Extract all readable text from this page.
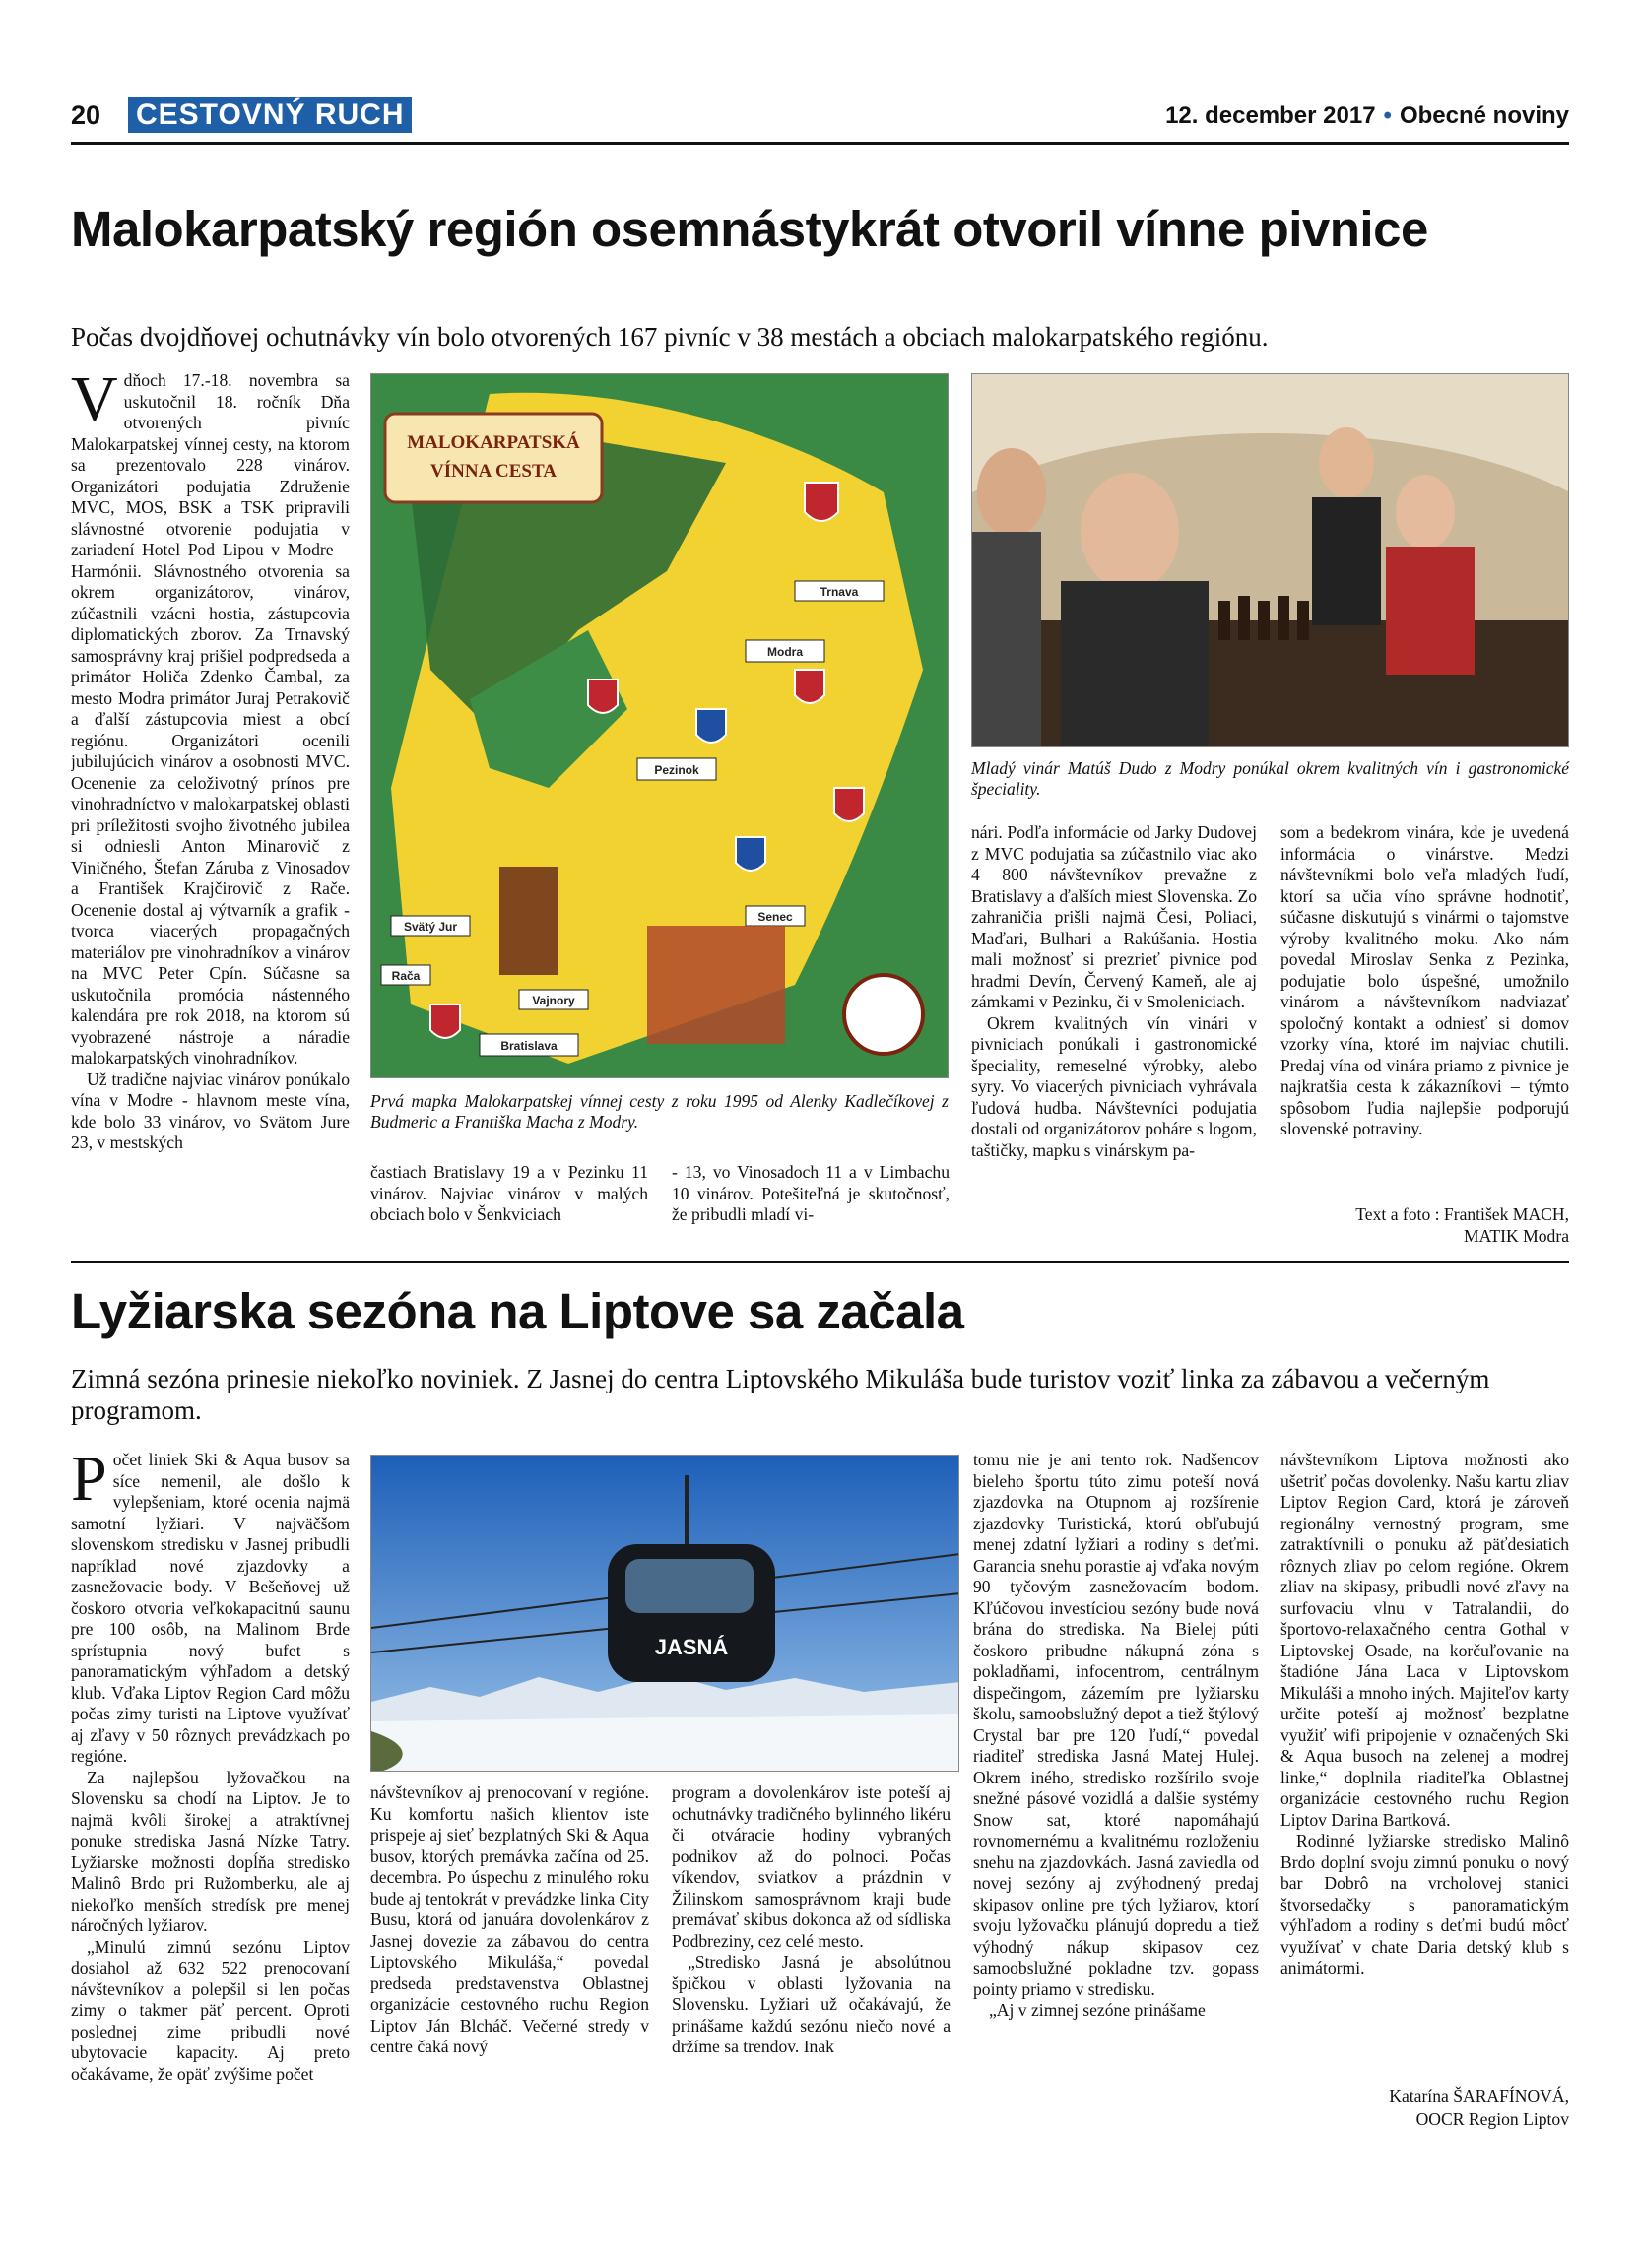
20 CESTOVNÝ RUCH	12. december 2017 • Obecné noviny
Malokarpatský región osemnástykrát otvoril vínne pivnice
Počas dvojdňovej ochutnávky vín bolo otvorených 167 pivníc v 38 mestách a obciach malokarpatského regiónu.
V dňoch 17.-18. novembra sa uskutočnil 18. ročník Dňa otvorených pivníc Malokarpatskej vínnej cesty, na ktorom sa prezentovalo 228 vinárov. Organizátori podujatia Združenie MVC, MOS, BSK a TSK pripravili slávnostné otvorenie podujatia v zariadení Hotel Pod Lipou v Modre – Harmónii. Slávnostného otvorenia sa okrem organizátorov, vinárov, zúčastnili vzácni hostia, zástupcovia diplomatických zborov. Za Trnavský samosprávny kraj prišiel podpredseda a primátor Holiča Zdenko Čambal, za mesto Modra primátor Juraj Petrakovič a ďalší zástupcovia miest a obcí regiónu. Organizátori ocenili jubilujúcich vinárov a osobnosti MVC. Ocenenie za celoživotný prínos pre vinohradníctvo v malokarpatskej oblasti pri príležitosti svojho životného jubilea si odniesli Anton Minarovič z Viničného, Štefan Záruba z Vinosadov a František Krajčirovič z Rače. Ocenenie dostal aj výtvarník a grafik - tvorca viacerých propagačných materiálov pre vinohradníkov a vinárov na MVC Peter Cpín. Súčasne sa uskutočnila promócia nástenného kalendára pre rok 2018, na ktorom sú vyobrazené nástroje a náradie malokarpatských vinohradníkov.

Už tradične najviac vinárov ponúkalo vína v Modre - hlavnom meste vína, kde bolo 33 vinárov, vo Svätom Jure 23, v mestských

MALOKARPATSKÁ
VÍNNA CESTA
Trnava
Modra
Pezinok
Svätý Jur
Rača
Vajnory
Bratislava
Senec
Prvá mapka Malokarpatskej vínnej cesty z roku 1995 od Alenky Kadlečíkovej z Budmeric a Františka Macha z Modry.
Mladý vinár Matúš Dudo z Modry ponúkal okrem kvalitných vín i gastronomické špeciality.

častiach Bratislavy 19 a v Pezinku 11 vinárov. Najviac vinárov v malých obciach bolo v Šenkviciach

- 13, vo Vinosadoch 11 a v Limbachu 10 vinárov. Potešiteľná je skutočnosť, že pribudli mladí vi-

nári. Podľa informácie od Jarky Dudovej z MVC podujatia sa zúčastnilo viac ako 4 800 návštevníkov prevažne z Bratislavy a ďalších miest Slovenska. Zo zahraničia prišli najmä Česi, Poliaci, Maďari, Bulhari a Rakúšania. Hostia mali možnosť si prezrieť pivnice pod hradmi Devín, Červený Kameň, ale aj zámkami v Pezinku, či v Smoleniciach.

Okrem kvalitných vín vinári v pivniciach ponúkali i gastronomické špeciality, remeselné výrobky, alebo syry. Vo viacerých pivniciach vyhrávala ľudová hudba. Návštevníci podujatia dostali od organizátorov poháre s logom, taštičky, mapku s vinárskym pa-

som a bedekrom vinára, kde je uvedená informácia o vinárstve. Medzi návštevníkmi bolo veľa mladých ľudí, ktorí sa učia víno správne hodnotiť, súčasne diskutujú s vinármi o tajomstve výroby kvalitného moku. Ako nám povedal Miroslav Senka z Pezinka, podujatie bolo úspešné, umožnilo vinárom a návštevníkom nadviazať spoločný kontakt a odniesť si domov vzorky vína, ktoré im najviac chutili. Predaj vína od vinára priamo z pivnice je najkratšia cesta k zákazníkovi – týmto spôsobom ľudia najlepšie podporujú slovenské potraviny.

Text a foto : František MACH,
MATIK Modra
Lyžiarska sezóna na Liptove sa začala
Zimná sezóna prinesie niekoľko noviniek. Z Jasnej do centra Liptovského Mikuláša bude turistov voziť linka za zábavou a večerným programom.
P očet liniek Ski & Aqua busov sa síce nemenil, ale došlo k vylepšeniam, ktoré ocenia najmä samotní lyžiari. V najväčšom slovenskom stredisku v Jasnej pribudli napríklad nové zjazdovky a zasnežovacie body. V Bešeňovej už čoskoro otvoria veľkokapacitnú saunu pre 100 osôb, na Malinom Brde sprístupnia nový bufet s panoramatickým výhľadom a detský klub. Vďaka Liptov Region Card môžu počas zimy turisti na Liptove využívať aj zľavy v 50 rôznych prevádzkach po regióne.

Za najlepšou lyžovačkou na Slovensku sa chodí na Liptov. Je to najmä kvôli širokej a atraktívnej ponuke strediska Jasná Nízke Tatry. Lyžiarske možnosti dopĺňa stredisko Malinô Brdo pri Ružomberku, ale aj niekoľko menších stredísk pre menej náročných lyžiarov.

„Minulú zimnú sezónu Liptov dosiahol až 632 522 prenocovaní návštevníkov a polepšil si len počas zimy o takmer päť percent. Oproti poslednej zime pribudli nové ubytovacie kapacity. Aj preto očakávame, že opäť zvýšime počet

JASNÁ

návštevníkov aj prenocovaní v regióne. Ku komfortu našich klientov iste prispeje aj sieť bezplatných Ski & Aqua busov, ktorých premávka začína od 25. decembra. Po úspechu z minulého roku bude aj tentokrát v prevádzke linka City Busu, ktorá od januára dovolenkárov z Jasnej dovezie za zábavou do centra Liptovského Mikuláša,“ povedal predseda predstavenstva Oblastnej organizácie cestovného ruchu Region Liptov Ján Blcháč. Večerné stredy v centre čaká nový

program a dovolenkárov iste poteší aj ochutnávky tradičného bylinného likéru či otváracie hodiny vybraných podnikov až do polnoci. Počas víkendov, sviatkov a prázdnin v Žilinskom samosprávnom kraji bude premávať skibus dokonca až od sídliska Podbreziny, cez celé mesto.

„Stredisko Jasná je absolútnou špičkou v oblasti lyžovania na Slovensku. Lyžiari už očakávajú, že prinášame každú sezónu niečo nové a držíme sa trendov. Inak

tomu nie je ani tento rok. Nadšencov bieleho športu túto zimu poteší nová zjazdovka na Otupnom aj rozšírenie zjazdovky Turistická, ktorú obľubujú menej zdatní lyžiari a rodiny s deťmi. Garancia snehu porastie aj vďaka novým 90 tyčovým zasnežovacím bodom. Kľúčovou investíciou sezóny bude nová brána do strediska. Na Bielej púti čoskoro pribudne nákupná zóna s pokladňami, infocentrom, centrálnym dispečingom, zázemím pre lyžiarsku školu, samoobslužný depot a tiež štýlový Crystal bar pre 120 ľudí,“ povedal riaditeľ strediska Jasná Matej Hulej. Okrem iného, stredisko rozšírilo svoje snežné pásové vozidlá a dalšie systémy Snow sat, ktoré napomáhajú rovnomernému a kvalitnému rozloženiu snehu na zjazdovkách. Jasná zaviedla od novej sezóny aj zvýhodnený predaj skipasov online pre tých lyžiarov, ktorí svoju lyžovačku plánujú dopredu a tiež výhodný nákup skipasov cez samoobslužné pokladne tzv. gopass pointy priamo v stredisku.

„Aj v zimnej sezóne prinášame

návštevníkom Liptova možnosti ako ušetriť počas dovolenky. Našu kartu zliav Liptov Region Card, ktorá je zároveň regionálny vernostný program, sme zatraktívnili o ponuku až päťdesiatich rôznych zliav po celom regióne. Okrem zliav na skipasy, pribudli nové zľavy na surfovaciu vlnu v Tatralandii, do športovo-relaxačného centra Gothal v Liptovskej Osade, na korčuľovanie na štadióne Jána Laca v Liptovskom Mikuláši a mnoho iných. Majiteľov karty určite poteší aj možnosť bezplatne využiť wifi pripojenie v označených Ski & Aqua busoch na zelenej a modrej linke,“ doplnila riaditeľka Oblastnej organizácie cestovného ruchu Region Liptov Darina Bartková.

Rodinné lyžiarske stredisko Malinô Brdo doplní svoju zimnú ponuku o nový bar Dobrô na vrcholovej stanici štvorsedačky s panoramatickým výhľadom a rodiny s deťmi budú môcť využívať v chate Daria detský klub s animátormi.

Katarína ŠARAFÍNOVÁ,
OOCR Region Liptov
